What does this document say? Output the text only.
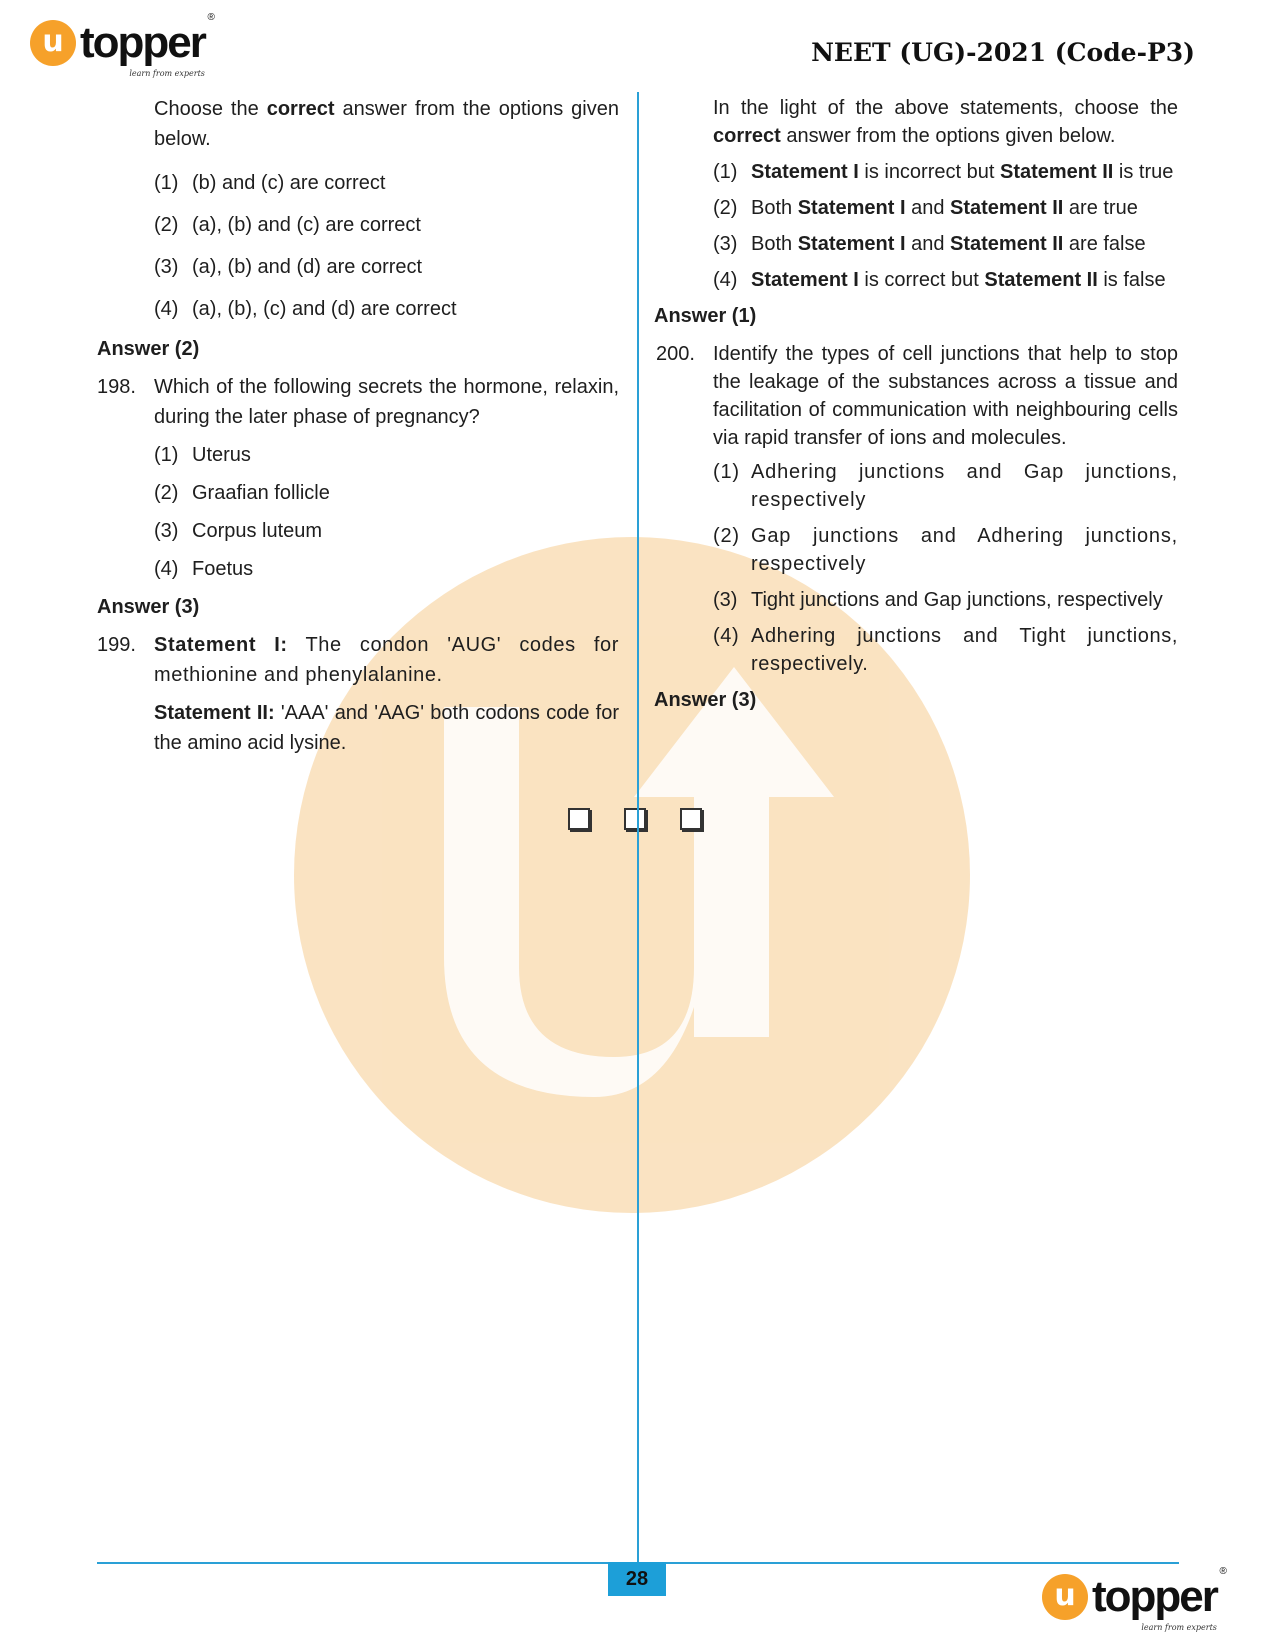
u topper
®
learn from experts
NEET (UG)-2021 (Code-P3)

Choose the correct answer from the options given below.

(1) (b) and (c) are correct
(2) (a), (b) and (c) are correct
(3) (a), (b) and (d) are correct
(4) (a), (b), (c) and (d) are correct

Answer (2)

198. Which of the following secrets the hormone, relaxin, during the later phase of pregnancy?

(1) Uterus
(2) Graafian follicle
(3) Corpus luteum
(4) Foetus

Answer (3)

199. Statement I: The condon 'AUG' codes for methionine and phenylalanine.

Statement II: 'AAA' and 'AAG' both codons code for the amino acid lysine.

In the light of the above statements, choose the correct answer from the options given below.

(1) Statement I is incorrect but Statement II is true
(2) Both Statement I and Statement II are true
(3) Both Statement I and Statement II are false
(4) Statement I is correct but Statement II is false

Answer (1)

200. Identify the types of cell junctions that help to stop the leakage of the substances across a tissue and facilitation of communication with neighbouring cells via rapid transfer of ions and molecules.

(1) Adhering junctions and Gap junctions, respectively
(2) Gap junctions and Adhering junctions, respectively
(3) Tight junctions and Gap junctions, respectively
(4) Adhering junctions and Tight junctions, respectively.

Answer (3)

28	u topper
®
learn from experts
